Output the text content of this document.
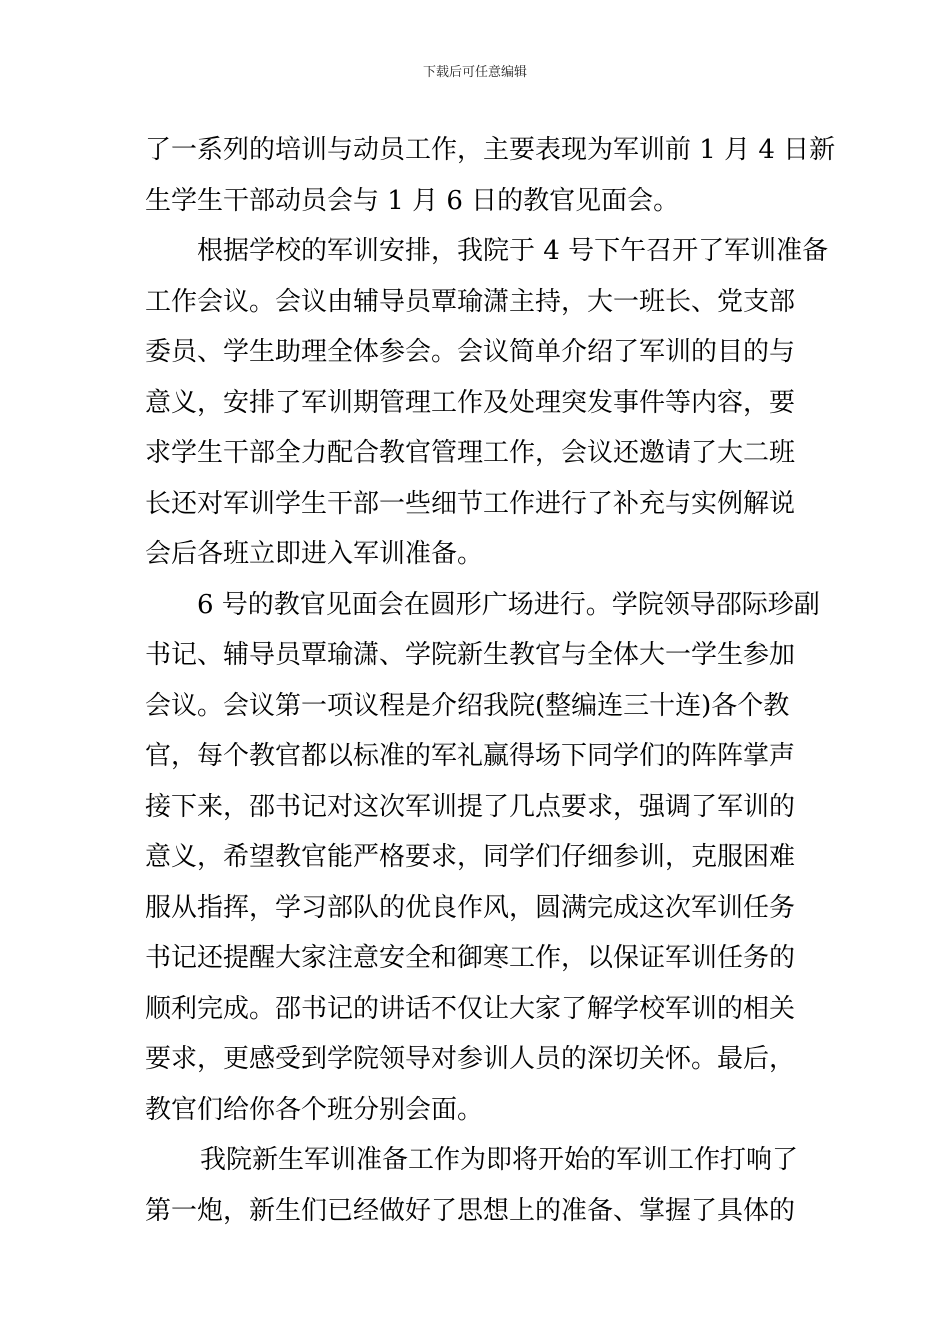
下载后可任意编辑
了一系列的培训与动员工作，主要表现为军训前 1 月 4 日新
生学生干部动员会与 1 月 6 日的教官见面会。
根据学校的军训安排，我院于 4 号下午召开了军训准备
工作会议。会议由辅导员覃瑜潇主持，大一班长、党支部
委员、学生助理全体参会。会议简单介绍了军训的目的与
意义，安排了军训期管理工作及处理突发事件等内容，要
求学生干部全力配合教官管理工作，会议还邀请了大二班
长还对军训学生干部一些细节工作进行了补充与实例解说
会后各班立即进入军训准备。
6 号的教官见面会在圆形广场进行。学院领导邵际珍副
书记、辅导员覃瑜潇、学院新生教官与全体大一学生参加
会议。会议第一项议程是介绍我院(整编连三十连)各个教
官，每个教官都以标准的军礼赢得场下同学们的阵阵掌声
接下来，邵书记对这次军训提了几点要求，强调了军训的
意义，希望教官能严格要求，同学们仔细参训，克服困难
服从指挥，学习部队的优良作风，圆满完成这次军训任务
书记还提醒大家注意安全和御寒工作，以保证军训任务的
顺利完成。邵书记的讲话不仅让大家了解学校军训的相关
要求，更感受到学院领导对参训人员的深切关怀。最后，
教官们给你各个班分别会面。
我院新生军训准备工作为即将开始的军训工作打响了
第一炮，新生们已经做好了思想上的准备、掌握了具体的
